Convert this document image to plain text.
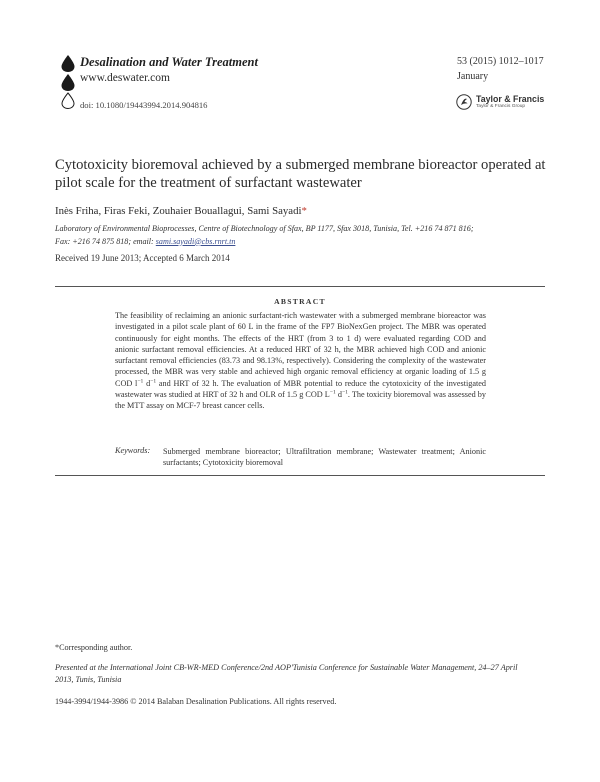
Desalination and Water Treatment
www.deswater.com
doi: 10.1080/19443994.2014.904816
53 (2015) 1012–1017
January
Taylor & Francis
Taylor & Francis Group
Cytotoxicity bioremoval achieved by a submerged membrane bioreactor operated at pilot scale for the treatment of surfactant wastewater
Inès Friha, Firas Feki, Zouhaier Bouallagui, Sami Sayadi*
Laboratory of Environmental Bioprocesses, Centre of Biotechnology of Sfax, BP 1177, Sfax 3018, Tunisia, Tel. +216 74 871 816;
Fax: +216 74 875 818; email: sami.sayadi@cbs.rnrt.tn
Received 19 June 2013; Accepted 6 March 2014
ABSTRACT
The feasibility of reclaiming an anionic surfactant-rich wastewater with a submerged membrane bioreactor was investigated in a pilot scale plant of 60 L in the frame of the FP7 BioNexGen project. The MBR was operated continuously for eight months. The effects of the HRT (from 3 to 1 d) were evaluated regarding COD and anionic surfactant removal efficiencies. At a reduced HRT of 32 h, the MBR achieved high COD and anionic surfactant removal efficiencies (83.73 and 98.13%, respectively). Considering the complexity of the wastewater processed, the MBR was very stable and achieved high organic removal efficiency at organic loading of 1.5 g COD $l^{-1}$ $d^{-1}$ and HRT of 32 h. The evaluation of MBR potential to reduce the cytotoxicity of the investigated wastewater was studied at HRT of 32 h and OLR of 1.5 g COD $L^{-1}$ $d^{-1}$. The toxicity bioremoval was assessed by the MTT assay on MCF-7 breast cancer cells.
Keywords: Submerged membrane bioreactor; Ultrafiltration membrane; Wastewater treatment; Anionic surfactants; Cytotoxicity bioremoval
*Corresponding author.
Presented at the International Joint CB-WR-MED Conference/2nd AOP'Tunisia Conference for Sustainable Water Management, 24–27 April 2013, Tunis, Tunisia
1944-3994/1944-3986 © 2014 Balaban Desalination Publications. All rights reserved.
